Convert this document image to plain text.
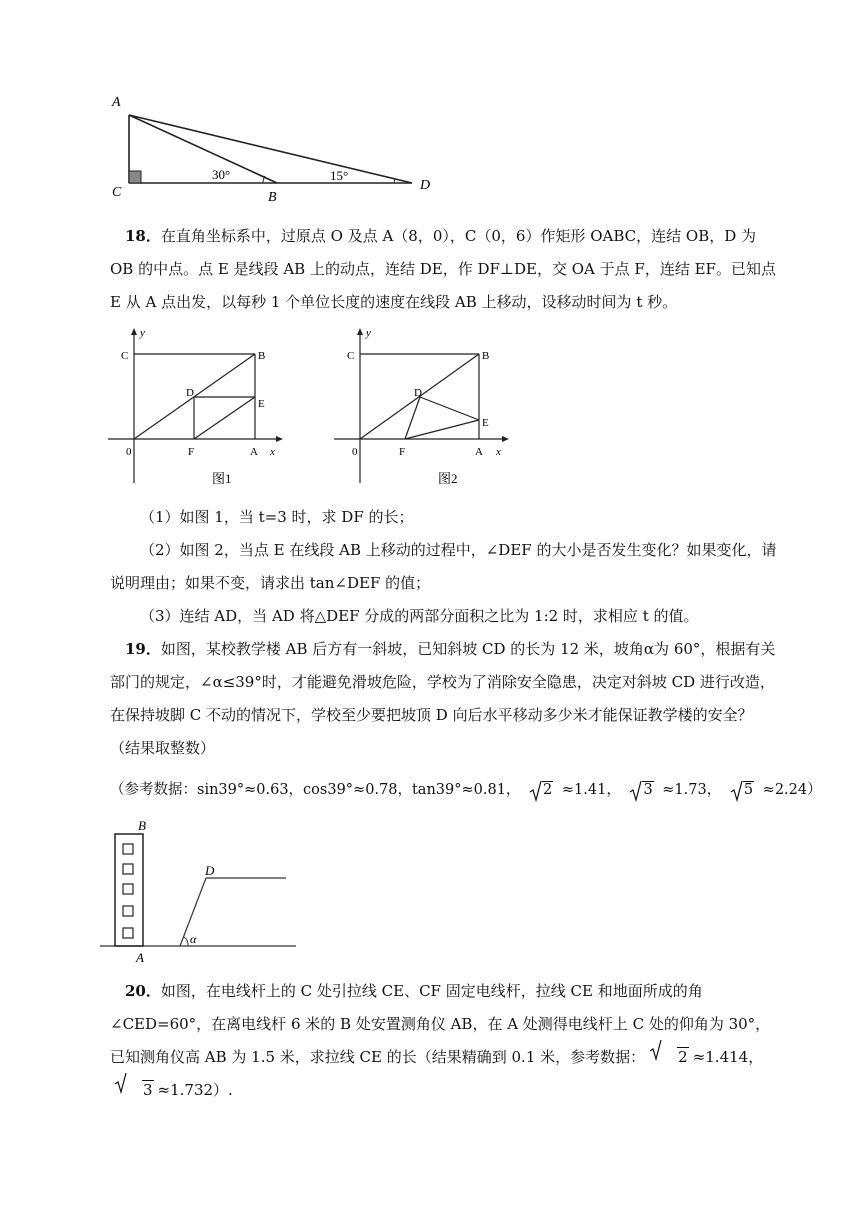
A
C	B
D
30°	15°
18．在直角坐标系中，过原点 O 及点 A（8，0），C（0，6）作矩形 OABC，连结 OB，D 为 OB 的中点。点 E 是线段 AB 上的动点，连结 DE，作 DF⊥DE，交 OA 于点 F，连结 EF。已知点 E 从 A 点出发，以每秒 1 个单位长度的速度在线段 AB 上移动，设移动时间为 t 秒。
y
C	B
D
E
0	F	A x
图1
y
C	B
D
E
0	F	A x
图2
（1）如图 1，当 t=3 时，求 DF 的长；
（2）如图 2，当点 E 在线段 AB 上移动的过程中，∠DEF 的大小是否发生变化？如果变化，请说明理由；如果不变，请求出 tan∠DEF 的值；
（3）连结 AD，当 AD 将△DEF 分成的两部分面积之比为 1:2 时，求相应 t 的值。
19．如图，某校教学楼 AB 后方有一斜坡，已知斜坡 CD 的长为 12 米，坡角α为 60°，根据有关部门的规定，∠α≤39°时，才能避免滑坡危险，学校为了消除安全隐患，决定对斜坡 CD 进行改造，在保持坡脚 C 不动的情况下，学校至少要把坡顶 D 向后水平移动多少米才能保证教学楼的安全？（结果取整数）
（参考数据：sin39°≈0.63，cos39°≈0.78，tan39°≈0.81， 2 ≈1.41， 3 ≈1.73， 5 ≈2.24）
B
A
D
α
20．如图，在电线杆上的 C 处引拉线 CE、CF 固定电线杆，拉线 CE 和地面所成的角∠CED=60°，在离电线杆 6 米的 B 处安置测角仪 AB，在 A 处测得电线杆上 C 处的仰角为 30°，已知测角仪高 AB 为 1.5 米，求拉线 CE 的长（结果精确到 0.1 米，参考数据： 2 ≈1.414，
3 ≈1.732）.
